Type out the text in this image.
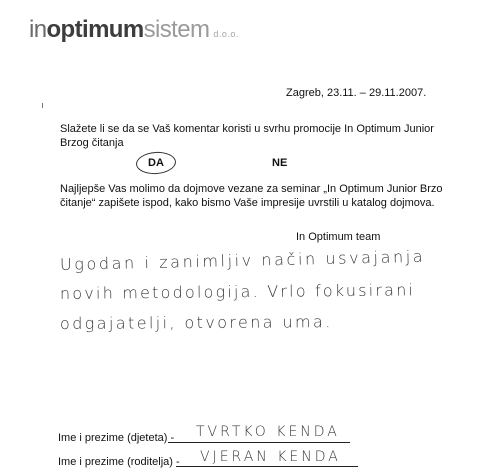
inoptimumsistem d.o.o.
Zagreb, 23.11. – 29.11.2007.
Slažete li se da se Vaš komentar koristi u svrhu promocije In Optimum Junior
Brzog čitanja
DA	NE
Najljepše Vas molimo da dojmove vezane za seminar „In Optimum Junior Brzo
čitanje“ zapišete ispod, kako bismo Vaše impresije uvrstili u katalog dojmova.
In Optimum team
Ugodan i zanimljiv način usvajanja
novih metodologija. Vrlo fokusirani
odgajatelji, otvorena uma.
Ime i prezime (djeteta) - TVRTKO KENDA
Ime i prezime (roditelja) - VJERAN KENDA
